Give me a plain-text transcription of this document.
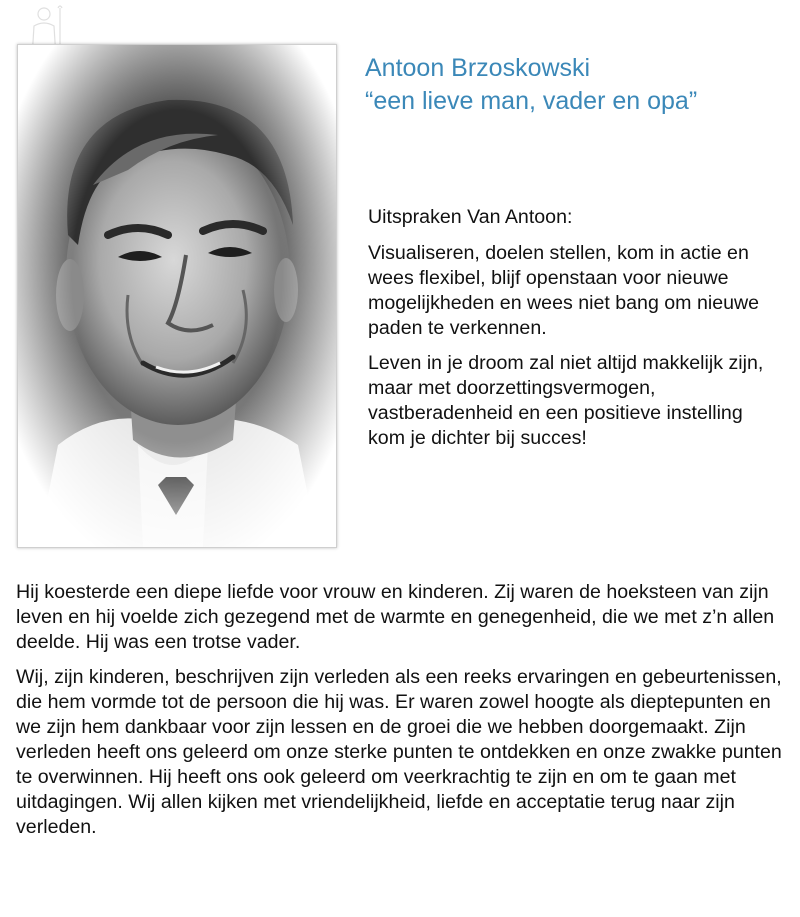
Antoon Brzoskowski
“een lieve man, vader en opa”

Uitspraken Van Antoon:

Visualiseren, doelen stellen, kom in actie en wees flexibel, blijf openstaan voor nieuwe mogelijkheden en wees niet bang om nieuwe paden te verkennen.

Leven in je droom zal niet altijd makkelijk zijn, maar met doorzettingsvermogen, vastberadenheid en een positieve instelling kom je dichter bij succes!

Hij koesterde een diepe liefde voor vrouw en kinderen. Zij waren de hoeksteen van zijn leven en hij voelde zich gezegend met de warmte en genegenheid, die we met z’n allen deelde. Hij was een trotse vader.

Wij, zijn kinderen, beschrijven zijn verleden als een reeks ervaringen en gebeurtenissen, die hem vormde tot de persoon die hij was. Er waren zowel hoogte als dieptepunten en we zijn hem dankbaar voor zijn lessen en de groei die we hebben doorgemaakt. Zijn verleden heeft ons geleerd om onze sterke punten te ontdekken en onze zwakke punten te overwinnen. Hij heeft ons ook geleerd om veerkrachtig te zijn en om te gaan met uitdagingen. Wij allen kijken met vriendelijkheid, liefde en acceptatie terug naar zijn verleden.
